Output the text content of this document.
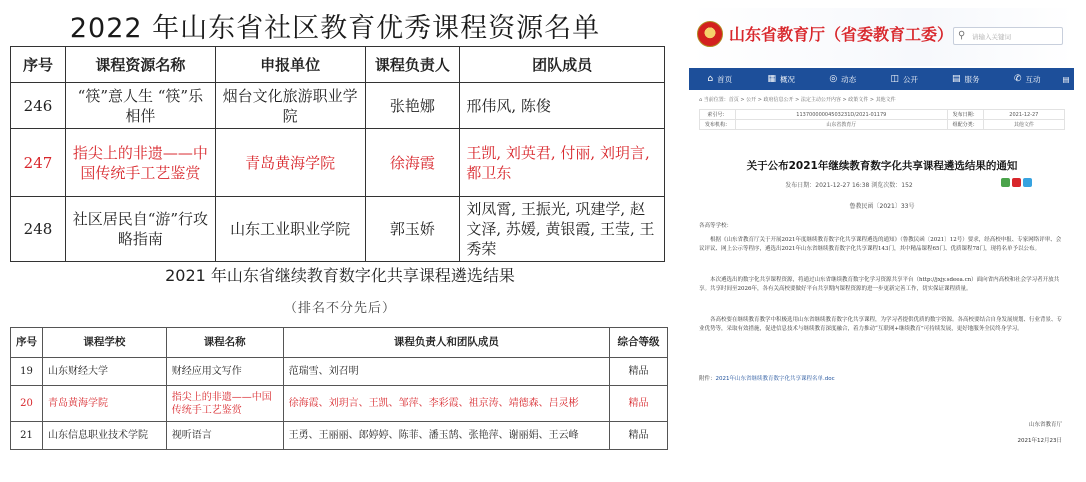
2022 年山东省社区教育优秀课程资源名单
序号	课程资源名称	申报单位	课程负责人	团队成员
246	“筷”意人生 “筷”乐相伴	烟台文化旅游职业学院	张艳娜	邢伟风, 陈俊
247	指尖上的非遗——中国传统手工艺鉴赏	青岛黄海学院	徐海霞	王凯, 刘英君, 付丽, 刘玥言, 都卫东
248	社区居民自“游”行攻略指南	山东工业职业学院	郭玉娇	刘凤霄, 王振光, 巩建学, 赵文泽, 苏媛, 黄银霞, 王莹, 王秀荣
2021 年山东省继续教育数字化共享课程遴选结果
（排名不分先后）
序号	课程学校	课程名称	课程负责人和团队成员	综合等级
19	山东财经大学	财经应用文写作	范瑞雪、刘召明	精品
20	青岛黄海学院	指尖上的非遗——中国传统手工艺鉴赏	徐海霞、刘玥言、王凯、邹萍、李彩霞、祖京涛、靖德森、吕灵彬	精品
21	山东信息职业技术学院	视听语言	王勇、王丽丽、郎婷婷、陈菲、潘玉鹄、张艳萍、谢丽娟、王云峰	精品
山东省教育厅（省委教育工委） ⚲ 请输入关键词
⌂ 首页	▦ 概况	◎ 动态	◫ 公开	▤ 服务	✆ 互动	▤
⌂ 当前位置：首页 > 公开 > 政府信息公开 > 法定主动公开内容 > 政策文件 > 其他文件
索引号：	11370000004503231D/2021-01179	发布日期：	2021-12-27
发布机构：	山东省教育厅	组配分类：	其他文件
关于公布2021年继续教育数字化共享课程遴选结果的通知
发布日期：2021-12-27 16:38 浏览次数：152
鲁教民函〔2021〕33号
各高等学校：
根据《山东省教育厅关于开展2021年度继续教育数字化共享课程遴选的通知》（鲁教民函〔2021〕12号）要求，经高校申报、专家网络评审、会议评议、网上公示等程序，遴选出2021年山东省继续教育数字化共享课程143门，其中精品课程65门、优质课程78门，现将名单予以公布。
本次遴选出的数字化共享课程资源，将通过山东省继续教育数字化学习资源共享平台（http://jxjy.sdeea.cn）面向省内高校和社会学习者开放共享。共享时间至2026年，各有关高校要做好平台共享期内课程资源的进一步更新完善工作，切实保证课程质量。
各高校要在继续教育教学中积极选用山东省继续教育数字化共享课程，为学习者提供优质的数字资源。各高校要结合自身发展规划、行业背景、专业优势等，采取有效措施，促进信息技术与继续教育深度融合，着力推动“互联网+继续教育”可持续发展，更好地服务全民终身学习。
附件：2021年山东省继续教育数字化共享课程名单.doc
山东省教育厅
2021年12月23日
